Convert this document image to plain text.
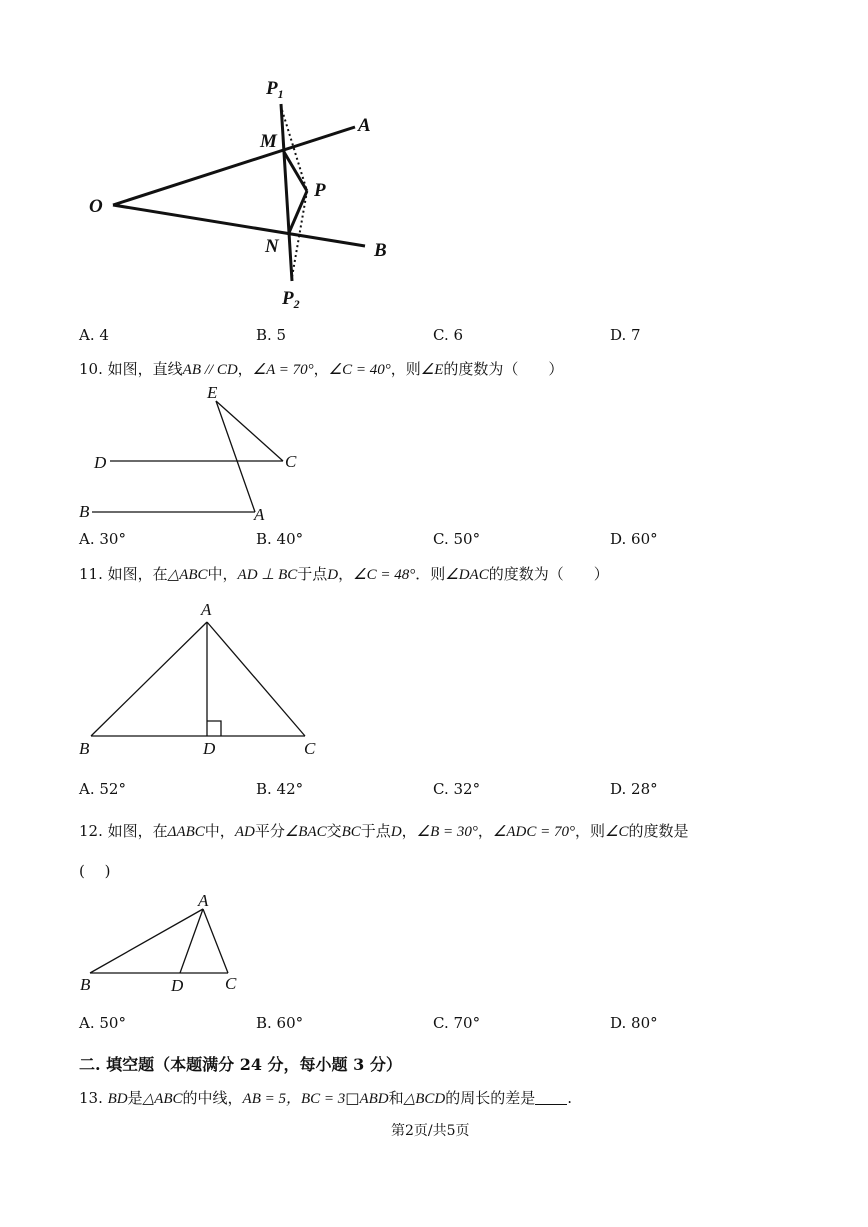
$P_1$
A
M
P
O
N	B
$P_2$
A. 4	B. 5	C. 6	D. 7
10. 如图，直线AB // CD，∠A = 70°，∠C = 40°，则∠E的度数为（　　）
E
D	C
B	A
A. 30°	B. 40°	C. 50°	D. 60°
11. 如图，在△ABC中，AD ⊥ BC于点D，∠C = 48°．则∠DAC的度数为（　　）
A
B	D	C
A. 52°	B. 42°	C. 32°	D. 28°
12. 如图，在ΔABC中，AD平分∠BAC交BC于点D，∠B = 30°，∠ADC = 70°，则∠C的度数是
(　 )
A
B	D C
A. 50°	B. 60°	C. 70°	D. 80°
二. 填空题（本题满分 24 分，每小题 3 分）
13. BD是△ABC的中线，AB = 5，BC = 3□ABD和△BCD的周长的差是 .
第2页/共5页
